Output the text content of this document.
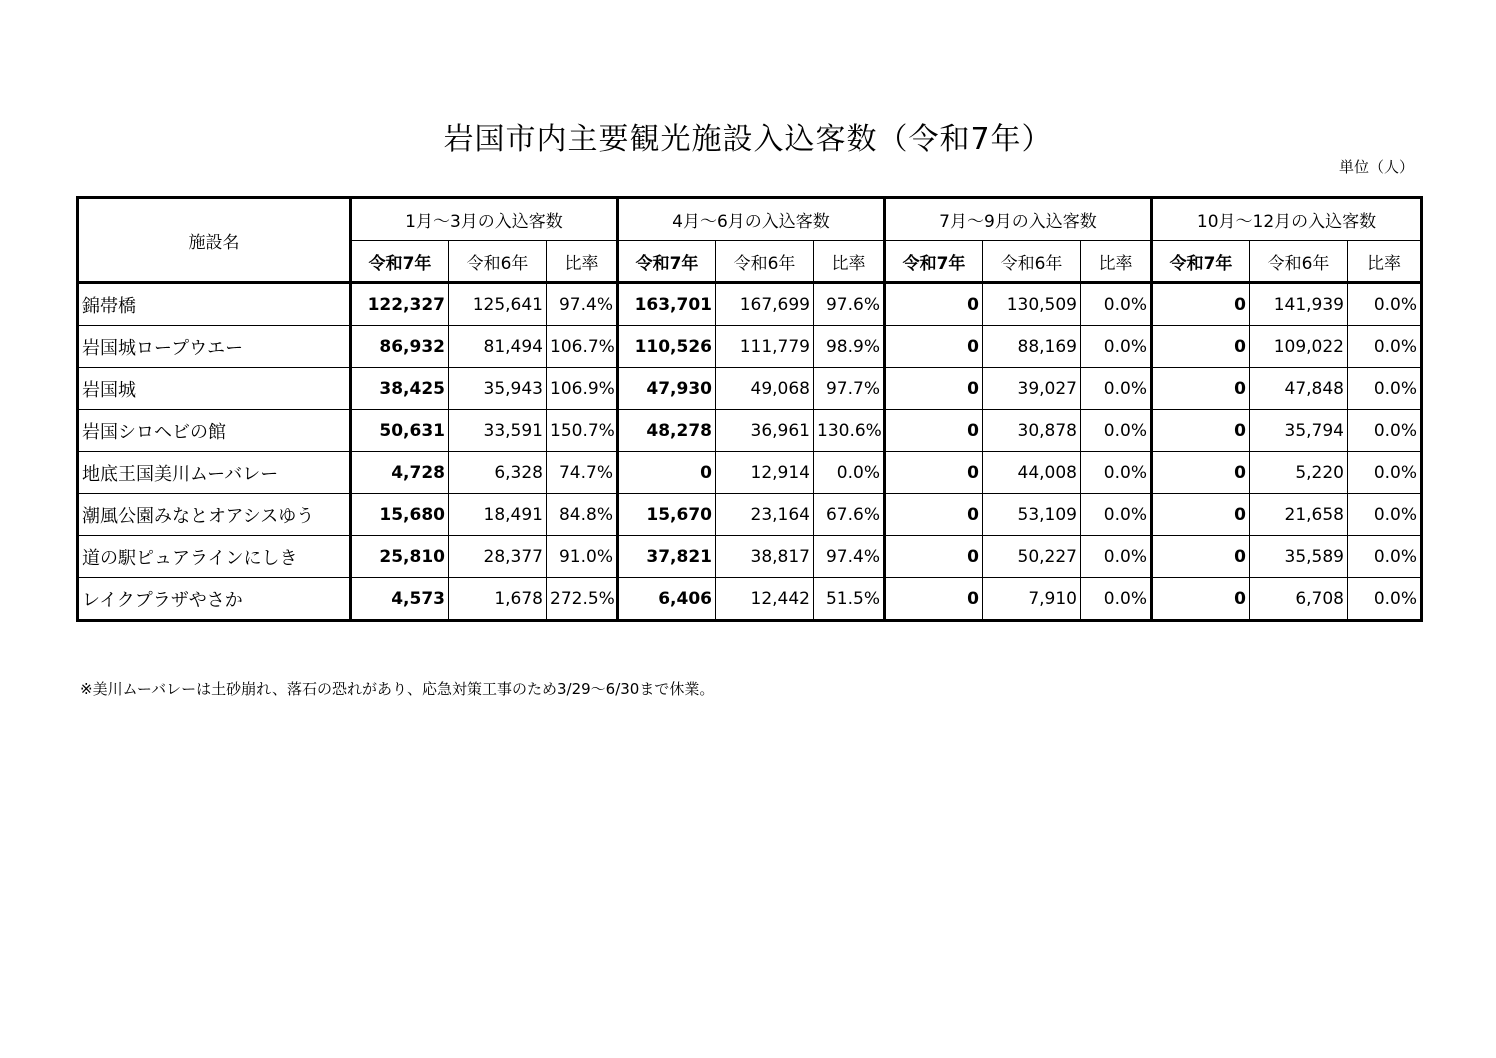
岩国市内主要観光施設入込客数（令和7年）
単位（人）
施設名	1月～3月の入込客数			4月～6月の入込客数			7月～9月の入込客数			10月～12月の入込客数		
	令和7年	令和6年	比率	令和7年	令和6年	比率	令和7年	令和6年	比率	令和7年	令和6年	比率
錦帯橋	122,327	125,641	97.4%	163,701	167,699	97.6%	0	130,509	0.0%	0	141,939	0.0%
岩国城ロープウエー	86,932	81,494	106.7%	110,526	111,779	98.9%	0	88,169	0.0%	0	109,022	0.0%
岩国城	38,425	35,943	106.9%	47,930	49,068	97.7%	0	39,027	0.0%	0	47,848	0.0%
岩国シロヘビの館	50,631	33,591	150.7%	48,278	36,961	130.6%	0	30,878	0.0%	0	35,794	0.0%
地底王国美川ムーバレー	4,728	6,328	74.7%	0	12,914	0.0%	0	44,008	0.0%	0	5,220	0.0%
潮風公園みなとオアシスゆう	15,680	18,491	84.8%	15,670	23,164	67.6%	0	53,109	0.0%	0	21,658	0.0%
道の駅ピュアラインにしき	25,810	28,377	91.0%	37,821	38,817	97.4%	0	50,227	0.0%	0	35,589	0.0%
レイクプラザやさか	4,573	1,678	272.5%	6,406	12,442	51.5%	0	7,910	0.0%	0	6,708	0.0%
※美川ムーバレーは土砂崩れ、落石の恐れがあり、応急対策工事のため3/29～6/30まで休業。
